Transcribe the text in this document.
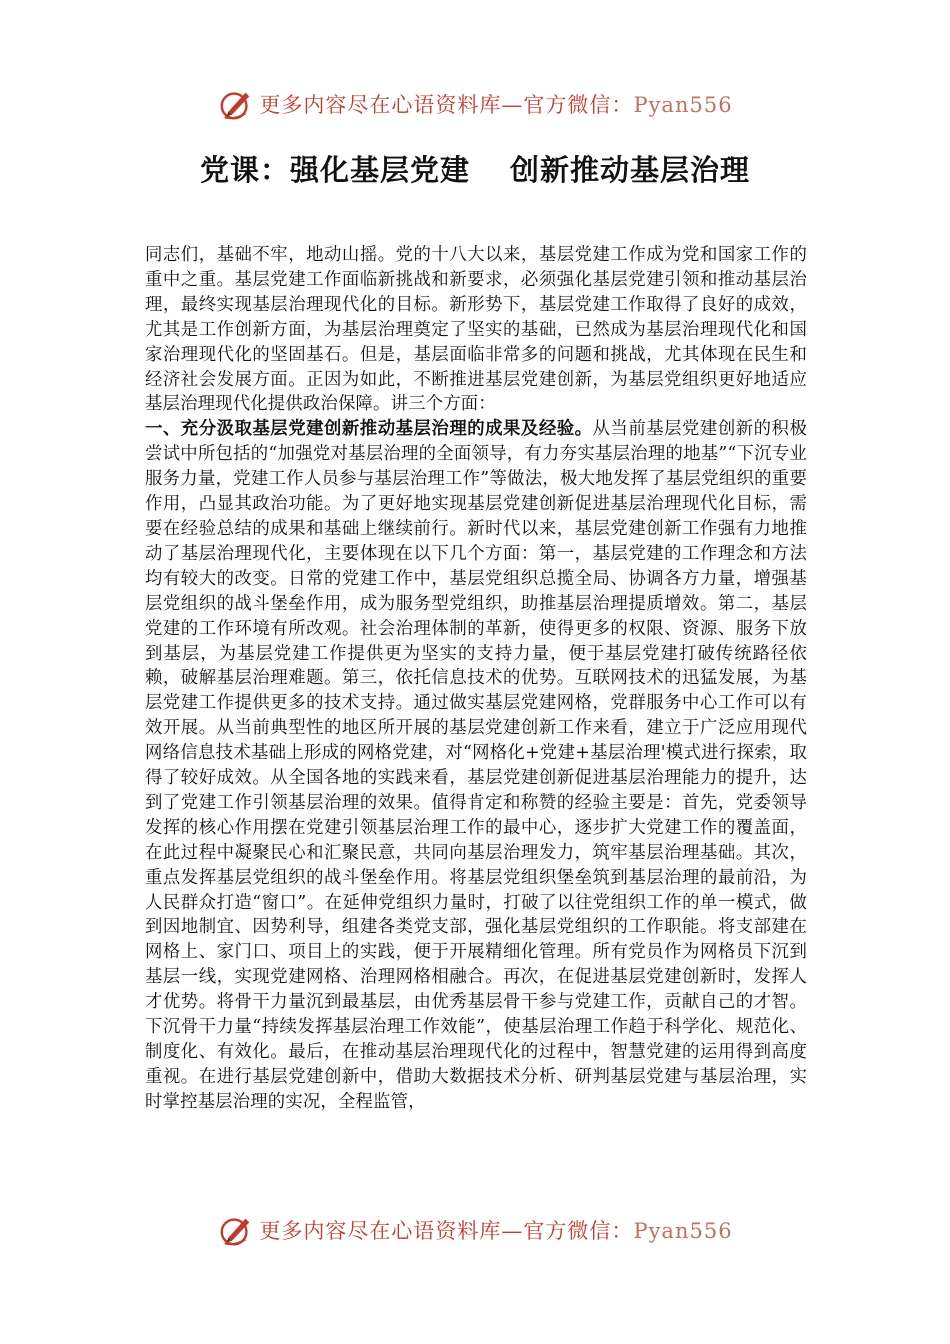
更多内容尽在心语资料库—官方微信：Pyan556
党课：强化基层党建 创新推动基层治理

同志们，基础不牢，地动山摇。党的十八大以来，基层党建工作成为党和国家工作的重中之重。基层党建工作面临新挑战和新要求，必须强化基层党建引领和推动基层治理，最终实现基层治理现代化的目标。新形势下，基层党建工作取得了良好的成效，尤其是工作创新方面，为基层治理奠定了坚实的基础，已然成为基层治理现代化和国家治理现代化的坚固基石。但是，基层面临非常多的问题和挑战，尤其体现在民生和经济社会发展方面。正因为如此，不断推进基层党建创新，为基层党组织更好地适应基层治理现代化提供政治保障。讲三个方面：

一、充分汲取基层党建创新推动基层治理的成果及经验。从当前基层党建创新的积极尝试中所包括的“加强党对基层治理的全面领导，有力夯实基层治理的地基”“下沉专业服务力量，党建工作人员参与基层治理工作”等做法，极大地发挥了基层党组织的重要作用，凸显其政治功能。为了更好地实现基层党建创新促进基层治理现代化目标，需要在经验总结的成果和基础上继续前行。新时代以来，基层党建创新工作强有力地推动了基层治理现代化，主要体现在以下几个方面：第一，基层党建的工作理念和方法均有较大的改变。日常的党建工作中，基层党组织总揽全局、协调各方力量，增强基层党组织的战斗堡垒作用，成为服务型党组织，助推基层治理提质增效。第二，基层党建的工作环境有所改观。社会治理体制的革新，使得更多的权限、资源、服务下放到基层，为基层党建工作提供更为坚实的支持力量，便于基层党建打破传统路径依赖，破解基层治理难题。第三，依托信息技术的优势。互联网技术的迅猛发展，为基层党建工作提供更多的技术支持。通过做实基层党建网格，党群服务中心工作可以有效开展。从当前典型性的地区所开展的基层党建创新工作来看，建立于广泛应用现代网络信息技术基础上形成的网格党建，对“网格化+党建+基层治理'模式进行探索，取得了较好成效。从全国各地的实践来看，基层党建创新促进基层治理能力的提升，达到了党建工作引领基层治理的效果。值得肯定和称赞的经验主要是：首先，党委领导发挥的核心作用摆在党建引领基层治理工作的最中心，逐步扩大党建工作的覆盖面，在此过程中凝聚民心和汇聚民意，共同向基层治理发力，筑牢基层治理基础。其次，重点发挥基层党组织的战斗堡垒作用。将基层党组织堡垒筑到基层治理的最前沿，为人民群众打造“窗口”。在延伸党组织力量时，打破了以往党组织工作的单一模式，做到因地制宜、因势利导，组建各类党支部，强化基层党组织的工作职能。将支部建在网格上、家门口、项目上的实践，便于开展精细化管理。所有党员作为网格员下沉到基层一线，实现党建网格、治理网格相融合。再次，在促进基层党建创新时，发挥人才优势。将骨干力量沉到最基层，由优秀基层骨干参与党建工作，贡献自己的才智。下沉骨干力量“持续发挥基层治理工作效能”，使基层治理工作趋于科学化、规范化、制度化、有效化。最后，在推动基层治理现代化的过程中，智慧党建的运用得到高度重视。在进行基层党建创新中，借助大数据技术分析、研判基层党建与基层治理，实时掌控基层治理的实况，全程监管，

更多内容尽在心语资料库—官方微信：Pyan556
